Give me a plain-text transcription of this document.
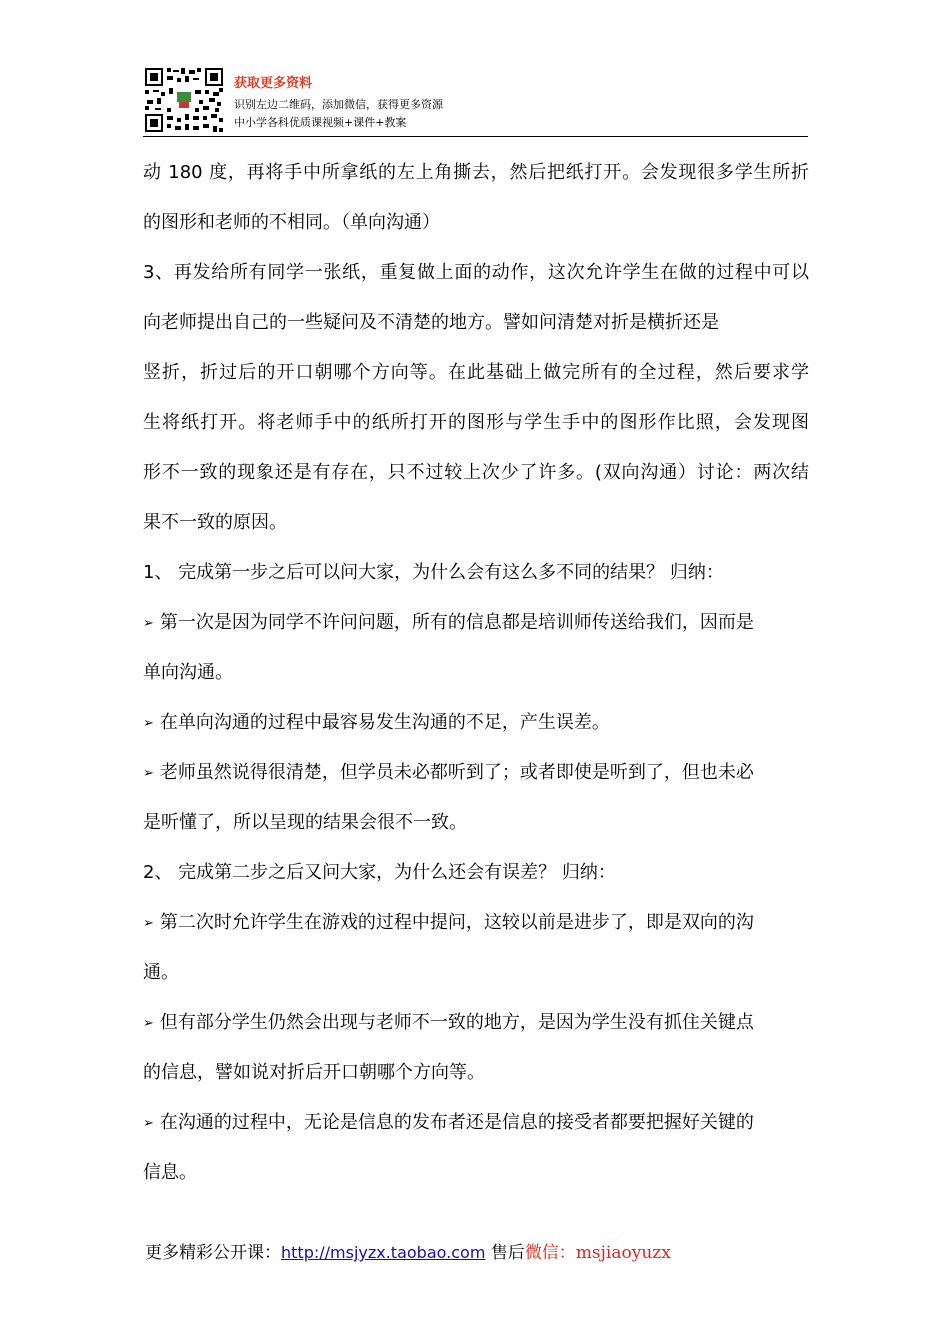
获取更多资料
识别左边二维码，添加微信，获得更多资源
中小学各科优质课视频+课件+教案
动 180 度，再将手中所拿纸的左上角撕去，然后把纸打开。会发现很多学生所折
的图形和老师的不相同。（单向沟通）
3、再发给所有同学一张纸，重复做上面的动作，这次允许学生在做的过程中可以
向老师提出自己的一些疑问及不清楚的地方。譬如问清楚对折是横折还是
竖折，折过后的开口朝哪个方向等。在此基础上做完所有的全过程，然后要求学
生将纸打开。将老师手中的纸所打开的图形与学生手中的图形作比照，会发现图
形不一致的现象还是有存在，只不过较上次少了许多。(双向沟通）讨论：两次结
果不一致的原因。
1、 完成第一步之后可以问大家，为什么会有这么多不同的结果？ 归纳：
➢ 第一次是因为同学不许问问题，所有的信息都是培训师传送给我们，因而是
单向沟通。
➢ 在单向沟通的过程中最容易发生沟通的不足，产生误差。
➢ 老师虽然说得很清楚，但学员未必都听到了；或者即使是听到了，但也未必
是听懂了，所以呈现的结果会很不一致。
2、 完成第二步之后又问大家，为什么还会有误差？ 归纳：
➢ 第二次时允许学生在游戏的过程中提问，这较以前是进步了，即是双向的沟
通。
➢ 但有部分学生仍然会出现与老师不一致的地方，是因为学生没有抓住关键点
的信息，譬如说对折后开口朝哪个方向等。
➢ 在沟通的过程中，无论是信息的发布者还是信息的接受者都要把握好关键的
信息。
更多精彩公开课：http://msjyzx.taobao.com 售后微信：msjiaoyuzx
